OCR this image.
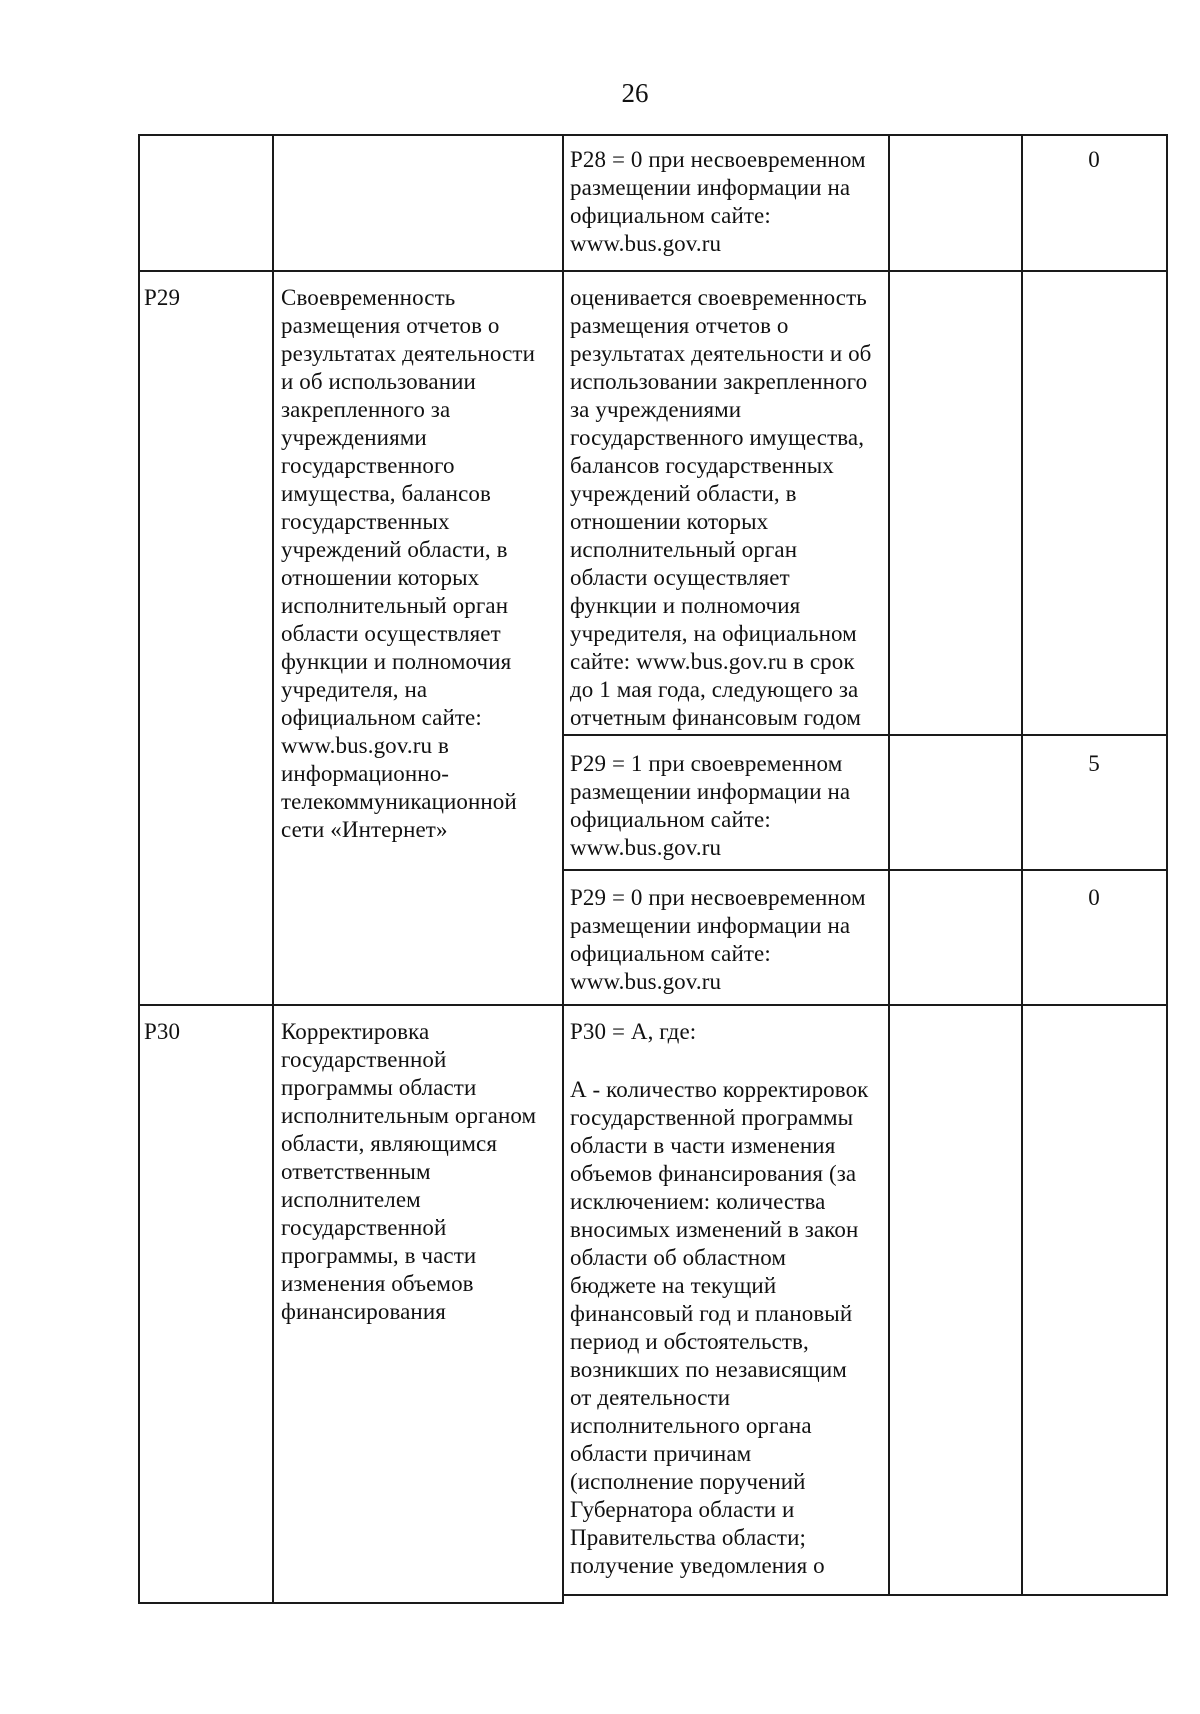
26
Р28 = 0 при несвоевременном
размещении информации на
официальном сайте:
www.bus.gov.ru
0
Р29	Своевременность
размещения отчетов о
результатах деятельности
и об использовании
закрепленного за
учреждениями
государственного
имущества, балансов
государственных
учреждений области, в
отношении которых
исполнительный орган
области осуществляет
функции и полномочия
учредителя, на
официальном сайте:
www.bus.gov.ru в
информационно-
телекоммуникационной
сети «Интернет»
оценивается своевременность
размещения отчетов о
результатах деятельности и об
использовании закрепленного
за учреждениями
государственного имущества,
балансов государственных
учреждений области, в
отношении которых
исполнительный орган
области осуществляет
функции и полномочия
учредителя, на официальном
сайте: www.bus.gov.ru в срок
до 1 мая года, следующего за
отчетным финансовым годом
Р29 = 1 при своевременном
размещении информации на
официальном сайте:
www.bus.gov.ru
5
Р29 = 0 при несвоевременном
размещении информации на
официальном сайте:
www.bus.gov.ru
0
Р30	Корректировка
государственной
программы области
исполнительным органом
области, являющимся
ответственным
исполнителем
государственной
программы, в части
изменения объемов
финансирования
Р30 = А, где:
А - количество корректировок
государственной программы
области в части изменения
объемов финансирования (за
исключением: количества
вносимых изменений в закон
области об областном
бюджете на текущий
финансовый год и плановый
период и обстоятельств,
возникших по независящим
от деятельности
исполнительного органа
области причинам
(исполнение поручений
Губернатора области и
Правительства области;
получение уведомления о
